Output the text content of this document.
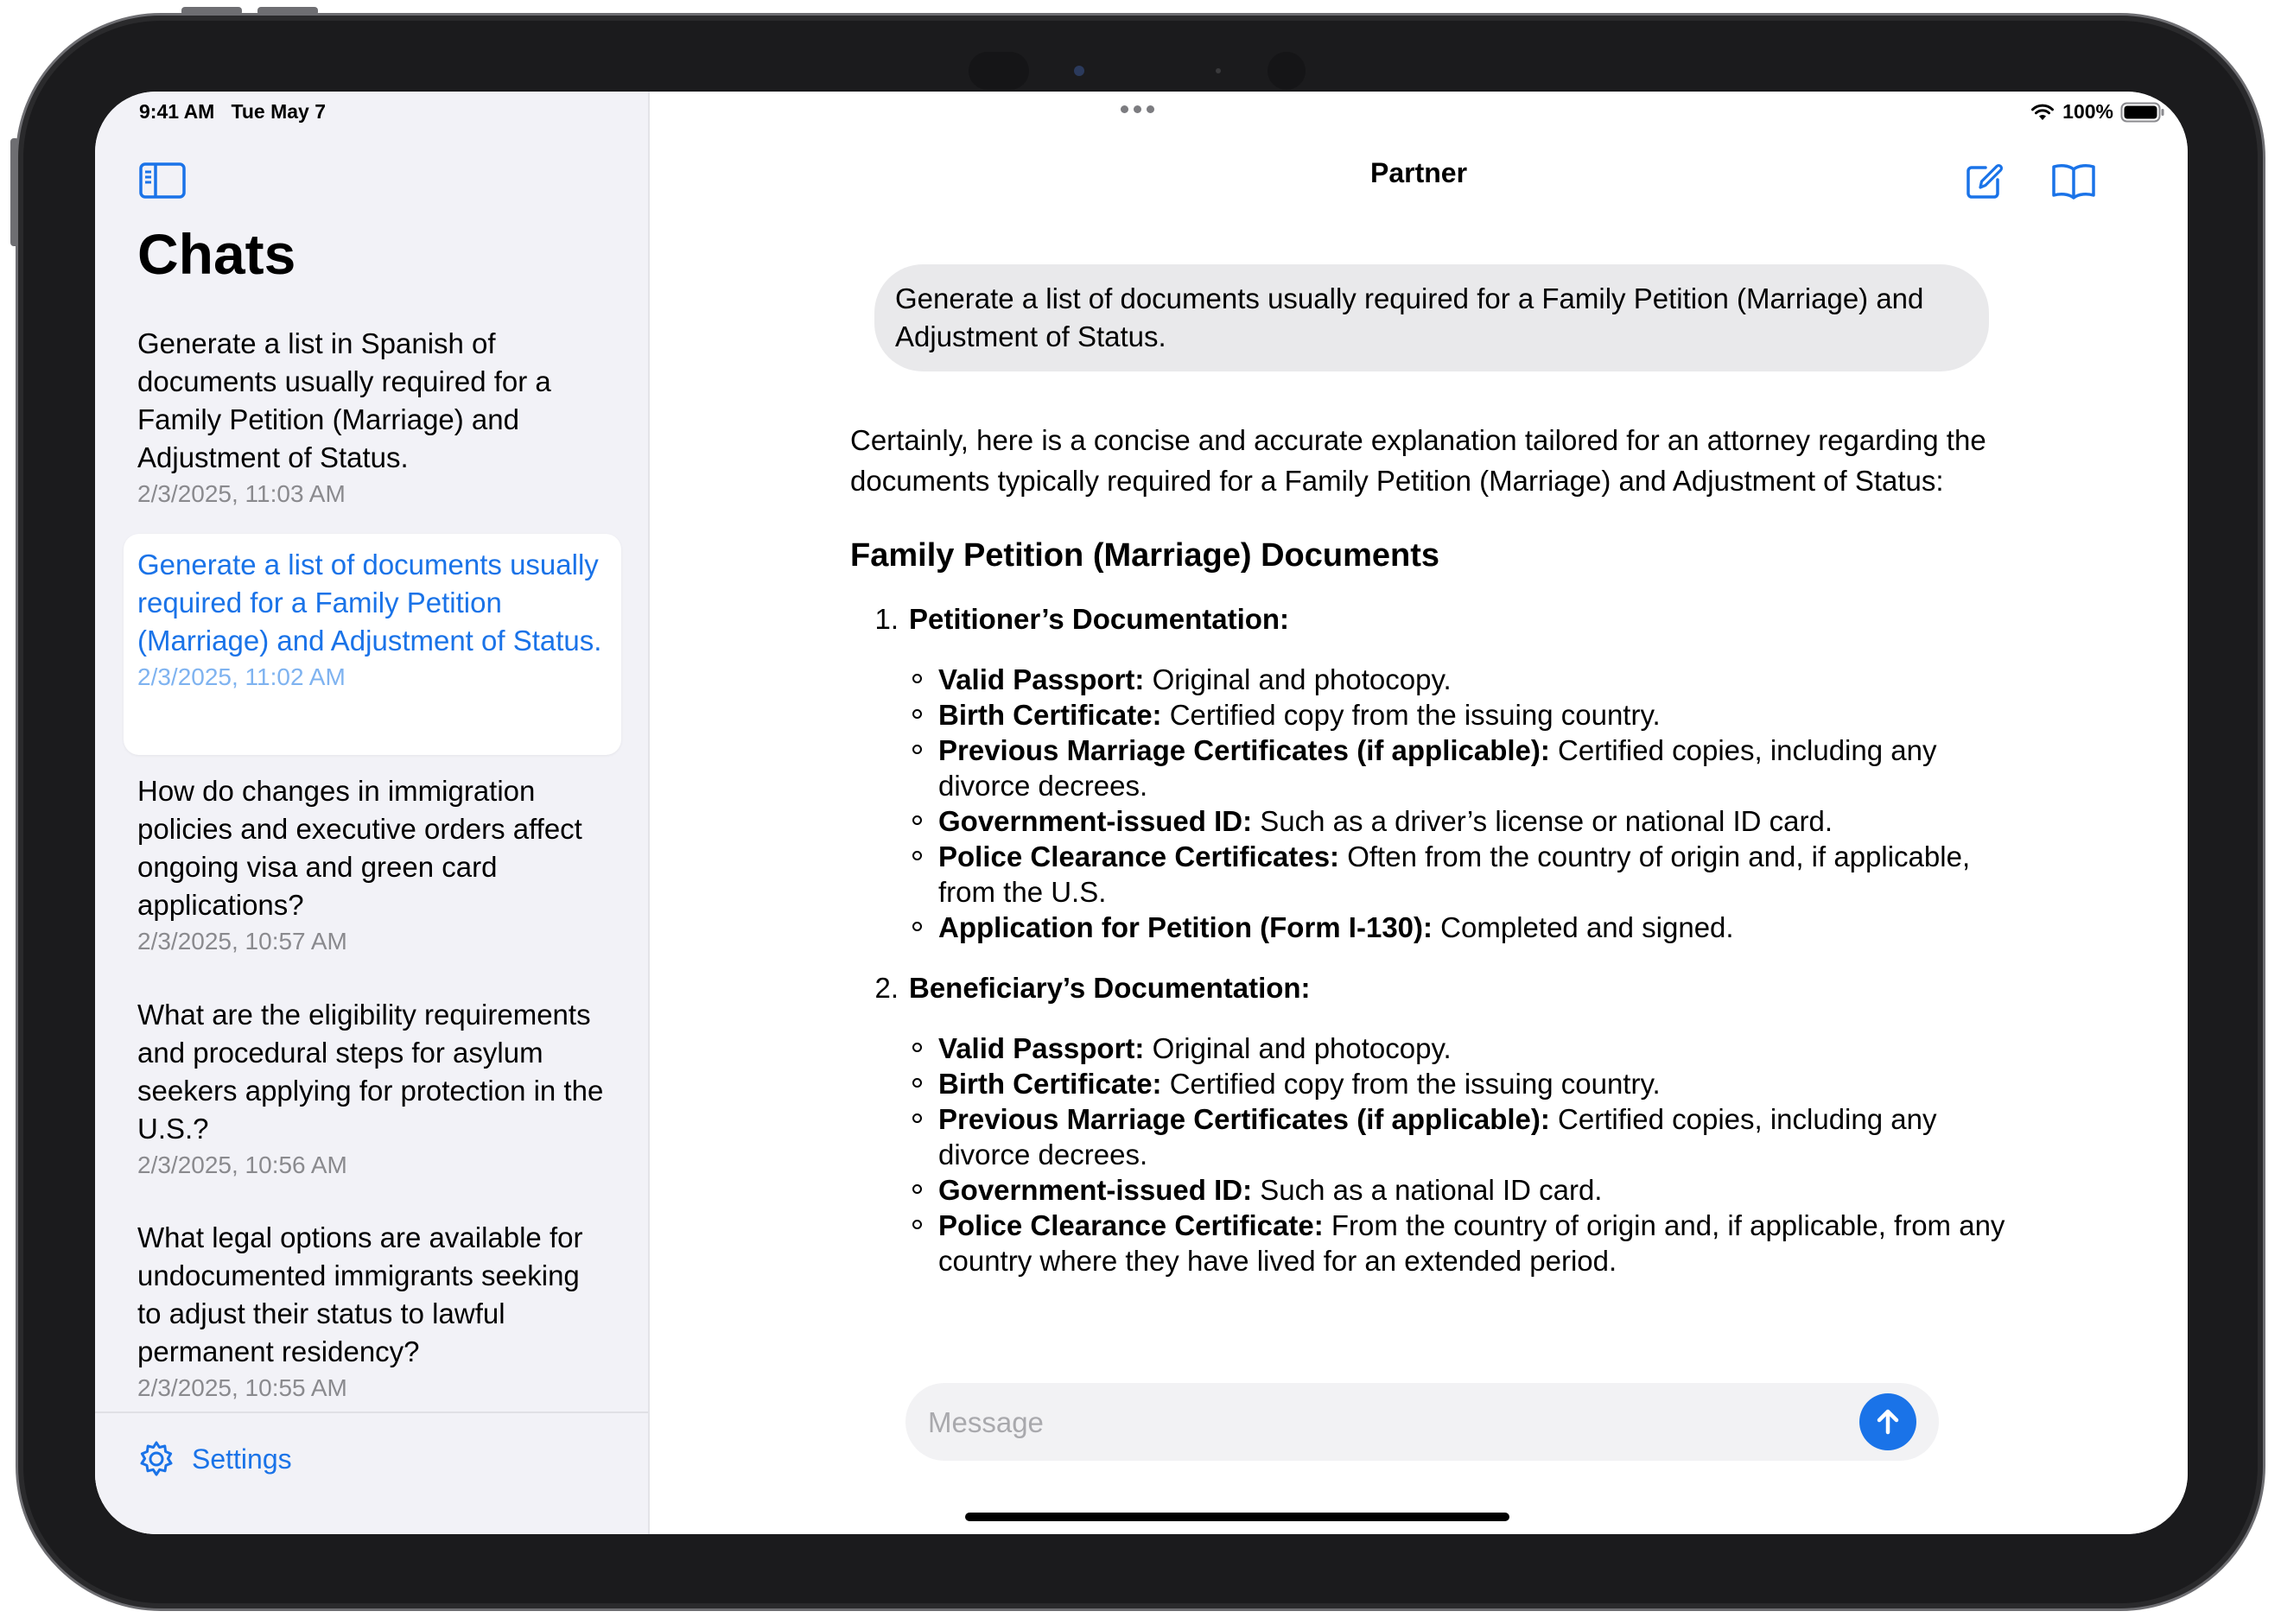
9:41 AM Tue May 7
Chats
Generate a list in Spanish of documents usually required for a Family Petition (Marriage) and Adjustment of Status.
2/3/2025, 11:03 AM
Generate a list of documents usually required for a Family Petition (Marriage) and Adjustment of Status.
2/3/2025, 11:02 AM
How do changes in immigration policies and executive orders affect ongoing visa and green card applications?
2/3/2025, 10:57 AM
What are the eligibility requirements and procedural steps for asylum seekers applying for protection in the U.S.?
2/3/2025, 10:56 AM
What legal options are available for undocumented immigrants seeking to adjust their status to lawful permanent residency?
2/3/2025, 10:55 AM
Settings
100%
Partner
Generate a list of documents usually required for a Family Petition (Marriage) and Adjustment of Status.
Certainly, here is a concise and accurate explanation tailored for an attorney regarding the documents typically required for a Family Petition (Marriage) and Adjustment of Status:
Family Petition (Marriage) Documents
1. Petitioner’s Documentation:
Valid Passport: Original and photocopy.
Birth Certificate: Certified copy from the issuing country.
Previous Marriage Certificates (if applicable): Certified copies, including any divorce decrees.
Government-issued ID: Such as a driver’s license or national ID card.
Police Clearance Certificates: Often from the country of origin and, if applicable, from the U.S.
Application for Petition (Form I-130): Completed and signed.
2. Beneficiary’s Documentation:
Valid Passport: Original and photocopy.
Birth Certificate: Certified copy from the issuing country.
Previous Marriage Certificates (if applicable): Certified copies, including any divorce decrees.
Government-issued ID: Such as a national ID card.
Police Clearance Certificate: From the country of origin and, if applicable, from any country where they have lived for an extended period.
Message
